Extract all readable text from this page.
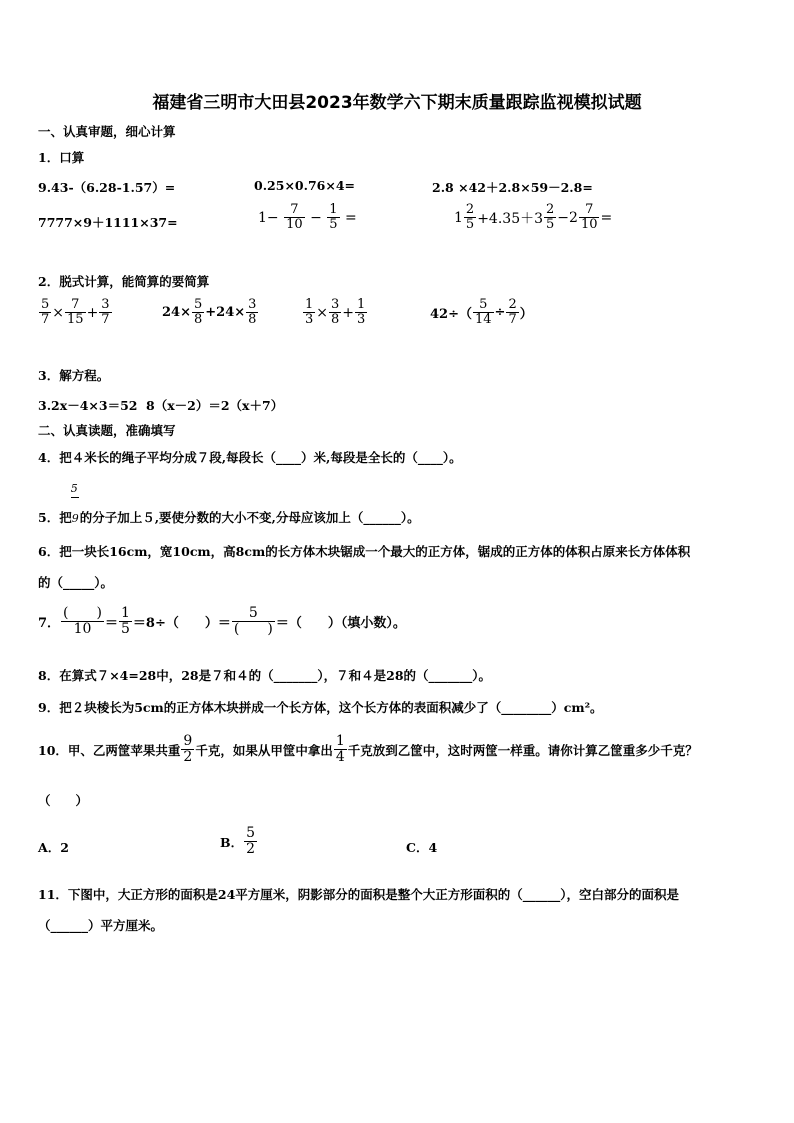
福建省三明市大田县2023年数学六下期末质量跟踪监视模拟试题
一、认真审题，细心计算
1．口算
9.43-（6.28-1.57）=	0.25×0.76×4=	2.8 ×42＋2.8×59－2.8=
7777×9＋1111×37=	$1- \frac{7}{10} - \frac{1}{5}$ =	$1 \frac{2}{5} +4.35+3 \frac{2}{5} -2 \frac{7}{10}$ =
2．脱式计算，能简算的要简算
$\frac{5}{7} \times \frac{7}{15} + \frac{3}{7}$	$24\times \frac{5}{8} +24\times \frac{3}{8}$	$\frac{1}{3} \times \frac{3}{8} + \frac{1}{3}$	$42\div( \frac{5}{14} \div \frac{2}{7}$ ）
3．解方程。
3.2x－4×3＝52 8（x－2）＝2（x＋7）
二、认真读题，准确填写
4．把４米长的绳子平均分成７段,每段长（____）米,每段是全长的（____）。
5．把 $\frac{5}{9}$的分子加上５,要使分数的大小不变,分母应该加上（______）。
6．把一块长16cm，宽10cm，高8cm的长方体木块锯成一个最大的正方体，锯成的正方体的体积占原来长方体体积
的（_____）。
7． $\frac{( )}{10} = \frac{1}{5} =8\div$（　　）＝ $\frac{5}{( )}$ ＝（　　）（填小数）。
8．在算式７×4=28中，28是７和４的（_______），７和４是28的（_______）。
9．把２块棱长为5cm的正方体木块拼成一个长方体，这个长方体的表面积减少了（________）cm²。
10．甲、乙两筐苹果共重 $\frac{9}{2}$ 千克，如果从甲筐中拿出 $\frac{1}{4}$ 千克放到乙筐中，这时两筐一样重。请你计算乙筐重多少千克？
（　　）
A．2	B． $\frac{5}{2}$	C．4
11．下图中，大正方形的面积是24平方厘米，阴影部分的面积是整个大正方形面积的（______），空白部分的面积是
（______）平方厘米。
